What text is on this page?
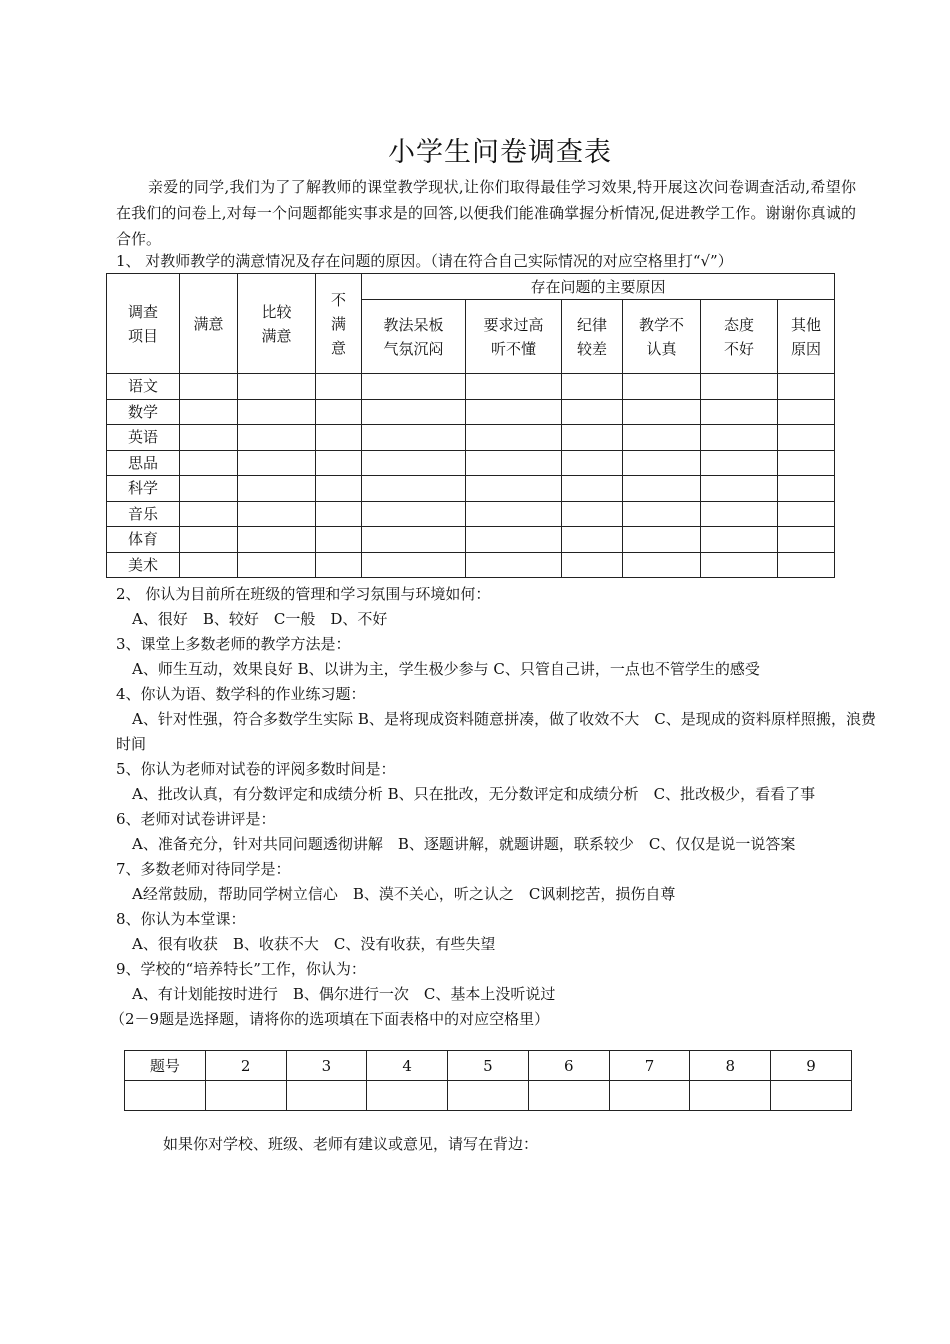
小学生问卷调查表
亲爱的同学,我们为了了解教师的课堂教学现状,让你们取得最佳学习效果,特开展这次问卷调查活动,希望你在我们的问卷上,对每一个问题都能实事求是的回答,以便我们能准确掌握分析情况,促进教学工作。谢谢你真诚的合作。
1、 对教师教学的满意情况及存在问题的原因。（请在符合自己实际情况的对应空格里打“√”）
调查项目	满意	比较满意	不满意	存在问题的主要原因					

				教法呆板气氛沉闷	要求过高听不懂	纪律较差	教学不认真	态度不好	其他原因

语文									
数学									
英语									
思品									
科学									
音乐									
体育									
美术									
2、 你认为目前所在班级的管理和学习氛围与环境如何：
A、很好　B、较好　C一般　D、不好
3、课堂上多数老师的教学方法是：
A、师生互动，效果良好 B、以讲为主，学生极少参与 C、只管自己讲，一点也不管学生的感受
4、你认为语、数学科的作业练习题：
A、针对性强，符合多数学生实际 B、是将现成资料随意拼凑，做了收效不大　C、是现成的资料原样照搬，浪费时间
5、你认为老师对试卷的评阅多数时间是：
A、批改认真，有分数评定和成绩分析 B、只在批改，无分数评定和成绩分析　C、批改极少，看看了事
6、老师对试卷讲评是：
A、准备充分，针对共同问题透彻讲解　B、逐题讲解，就题讲题，联系较少　C、仅仅是说一说答案
7、多数老师对待同学是：
A经常鼓励，帮助同学树立信心　B、漠不关心，听之认之　C讽刺挖苦，损伤自尊
8、你认为本堂课：
A、很有收获　B、收获不大　C、没有收获，有些失望
9、学校的“培养特长”工作，你认为：
A、有计划能按时进行　B、偶尔进行一次　C、基本上没听说过
（2－9题是选择题，请将你的选项填在下面表格中的对应空格里）
题号	2	3	4	5	6	7	8	9

如果你对学校、班级、老师有建议或意见，请写在背边：
